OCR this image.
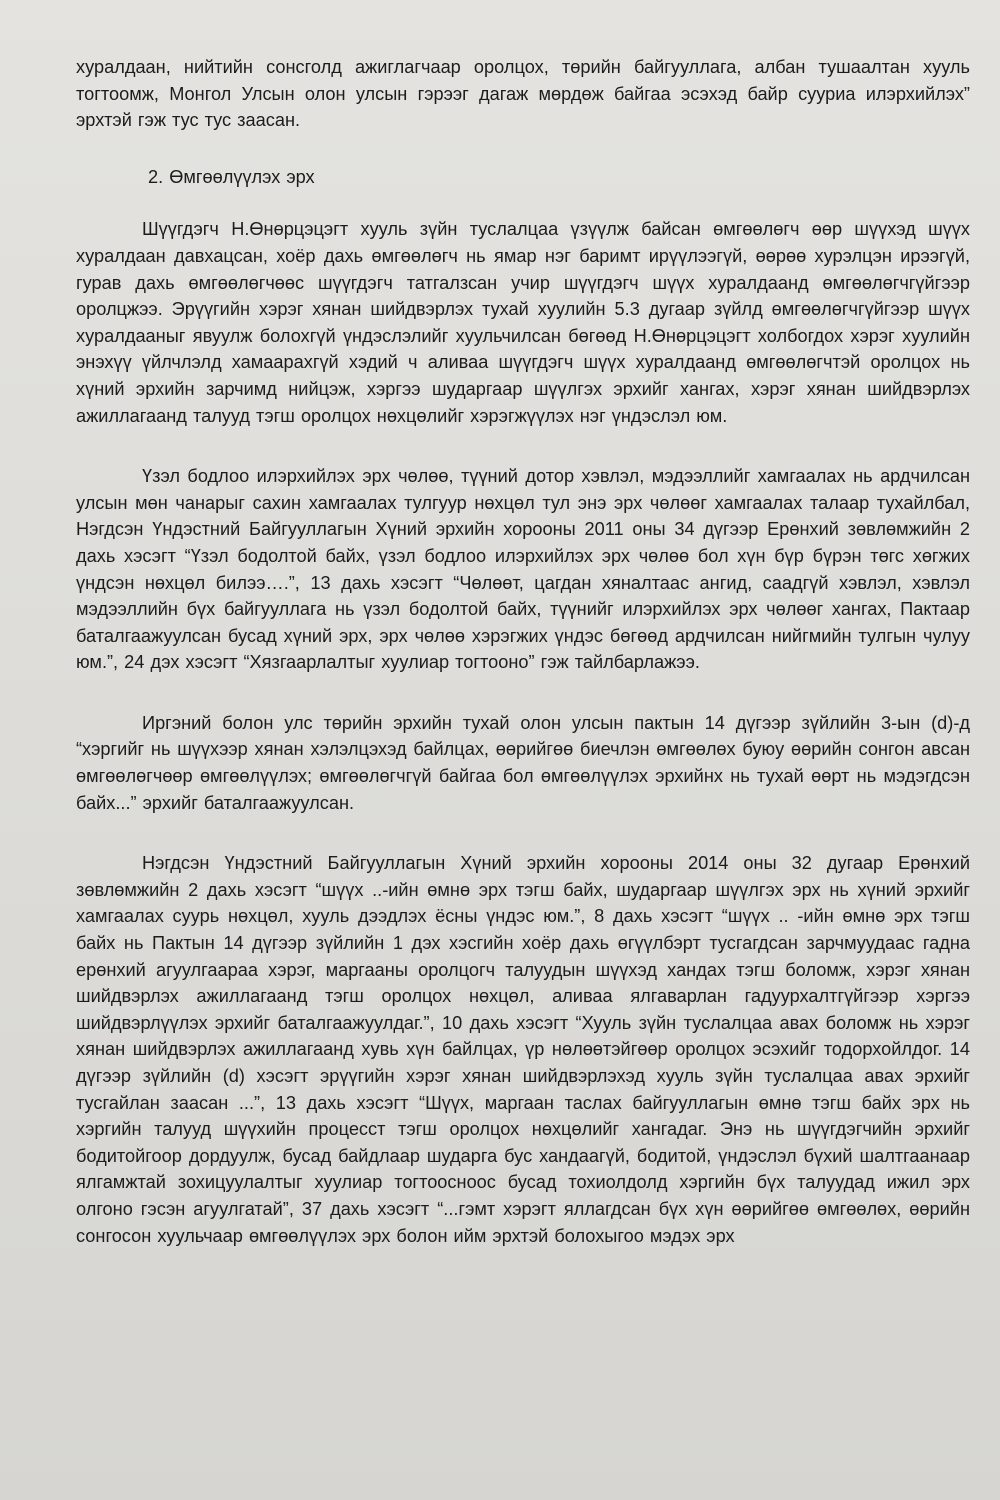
хуралдаан, нийтийн сонсголд ажиглагчаар оролцох, төрийн байгууллага, албан тушаалтан хууль тогтоомж, Монгол Улсын олон улсын гэрээг дагаж мөрдөж байгаа эсэхэд байр сууриа илэрхийлэх” эрхтэй гэж тус тус заасан.

2. Өмгөөлүүлэх эрх

Шүүгдэгч Н.Өнөрцэцэгт хууль зүйн туслалцаа үзүүлж байсан өмгөөлөгч өөр шүүхэд шүүх хуралдаан давхацсан, хоёр дахь өмгөөлөгч нь ямар нэг баримт ирүүлээгүй, өөрөө хурэлцэн ирээгүй, гурав дахь өмгөөлөгчөөс шүүгдэгч татгалзсан учир шүүгдэгч шүүх хуралдаанд өмгөөлөгчгүйгээр оролцжээ. Эрүүгийн хэрэг хянан шийдвэрлэх тухай хуулийн 5.3 дугаар зүйлд өмгөөлөгчгүйгээр шүүх хуралдааныг явуулж болохгүй үндэслэлийг хуульчилсан бөгөөд Н.Өнөрцэцэгт холбогдох хэрэг хуулийн энэхүү үйлчлэлд хамаарахгүй хэдий ч аливаа шүүгдэгч шүүх хуралдаанд өмгөөлөгчтэй оролцох нь хүний эрхийн зарчимд нийцэж, хэргээ шударгаар шүүлгэх эрхийг хангах, хэрэг хянан шийдвэрлэх ажиллагаанд талууд тэгш оролцох нөхцөлийг хэрэгжүүлэх нэг үндэслэл юм.

Үзэл бодлоо илэрхийлэх эрх чөлөө, түүний дотор хэвлэл, мэдээллийг хамгаалах нь ардчилсан улсын мөн чанарыг сахин хамгаалах тулгуур нөхцөл тул энэ эрх чөлөөг хамгаалах талаар тухайлбал, Нэгдсэн Үндэстний Байгууллагын Хүний эрхийн хорооны 2011 оны 34 дүгээр Ерөнхий зөвлөмжийн 2 дахь хэсэгт “Үзэл бодолтой байх, үзэл бодлоо илэрхийлэх эрх чөлөө бол хүн бүр бүрэн төгс хөгжих үндсэн нөхцөл билээ….”, 13 дахь хэсэгт “Чөлөөт, цагдан хяналтаас ангид, саадгүй хэвлэл, хэвлэл мэдээллийн бүх байгууллага нь үзэл бодолтой байх, түүнийг илэрхийлэх эрх чөлөөг хангах, Пактаар баталгаажуулсан бусад хүний эрх, эрх чөлөө хэрэгжих үндэс бөгөөд ардчилсан нийгмийн тулгын чулуу юм.”, 24 дэх хэсэгт “Хязгаарлалтыг хуулиар тогтооно” гэж тайлбарлажээ.

Иргэний болон улс төрийн эрхийн тухай олон улсын пактын 14 дүгээр зүйлийн 3-ын (d)-д “хэргийг нь шүүхээр хянан хэлэлцэхэд байлцах, өөрийгөө биечлэн өмгөөлөх буюу өөрийн сонгон авсан өмгөөлөгчөөр өмгөөлүүлэх; өмгөөлөгчгүй байгаа бол өмгөөлүүлэх эрхийнх нь тухай өөрт нь мэдэгдсэн байх...” эрхийг баталгаажуулсан.

Нэгдсэн Үндэстний Байгууллагын Хүний эрхийн хорооны 2014 оны 32 дугаар Ерөнхий зөвлөмжийн 2 дахь хэсэгт “шүүх ..-ийн өмнө эрх тэгш байх, шударгаар шүүлгэх эрх нь хүний эрхийг хамгаалах суурь нөхцөл, хууль дээдлэх ёсны үндэс юм.”, 8 дахь хэсэгт “шүүх .. -ийн өмнө эрх тэгш байх нь Пактын 14 дүгээр зүйлийн 1 дэх хэсгийн хоёр дахь өгүүлбэрт тусгагдсан зарчмуудаас гадна ерөнхий агуулгаараа хэрэг, маргааны оролцогч талуудын шүүхэд хандах тэгш боломж, хэрэг хянан шийдвэрлэх ажиллагаанд тэгш оролцох нөхцөл, аливаа ялгаварлан гадуурхалтгүйгээр хэргээ шийдвэрлүүлэх эрхийг баталгаажуулдаг.”, 10 дахь хэсэгт “Хууль зүйн туслалцаа авах боломж нь хэрэг хянан шийдвэрлэх ажиллагаанд хувь хүн байлцах, үр нөлөөтэйгөөр оролцох эсэхийг тодорхойлдог. 14 дүгээр зүйлийн (d) хэсэгт эрүүгийн хэрэг хянан шийдвэрлэхэд хууль зүйн туслалцаа авах эрхийг тусгайлан заасан ...”, 13 дахь хэсэгт “Шүүх, маргаан таслах байгууллагын өмнө тэгш байх эрх нь хэргийн талууд шүүхийн процесст тэгш оролцох нөхцөлийг хангадаг. Энэ нь шүүгдэгчийн эрхийг бодитойгоор дордуулж, бусад байдлаар шударга бус хандаагүй, бодитой, үндэслэл бүхий шалтгаанаар ялгамжтай зохицуулалтыг хуулиар тогтоосноос бусад тохиолдолд хэргийн бүх талуудад ижил эрх олгоно гэсэн агуулгатай”, 37 дахь хэсэгт “...гэмт хэрэгт яллагдсан бүх хүн өөрийгөө өмгөөлөх, өөрийн сонгосон хуульчаар өмгөөлүүлэх эрх болон ийм эрхтэй болохыгоо мэдэх эрх
